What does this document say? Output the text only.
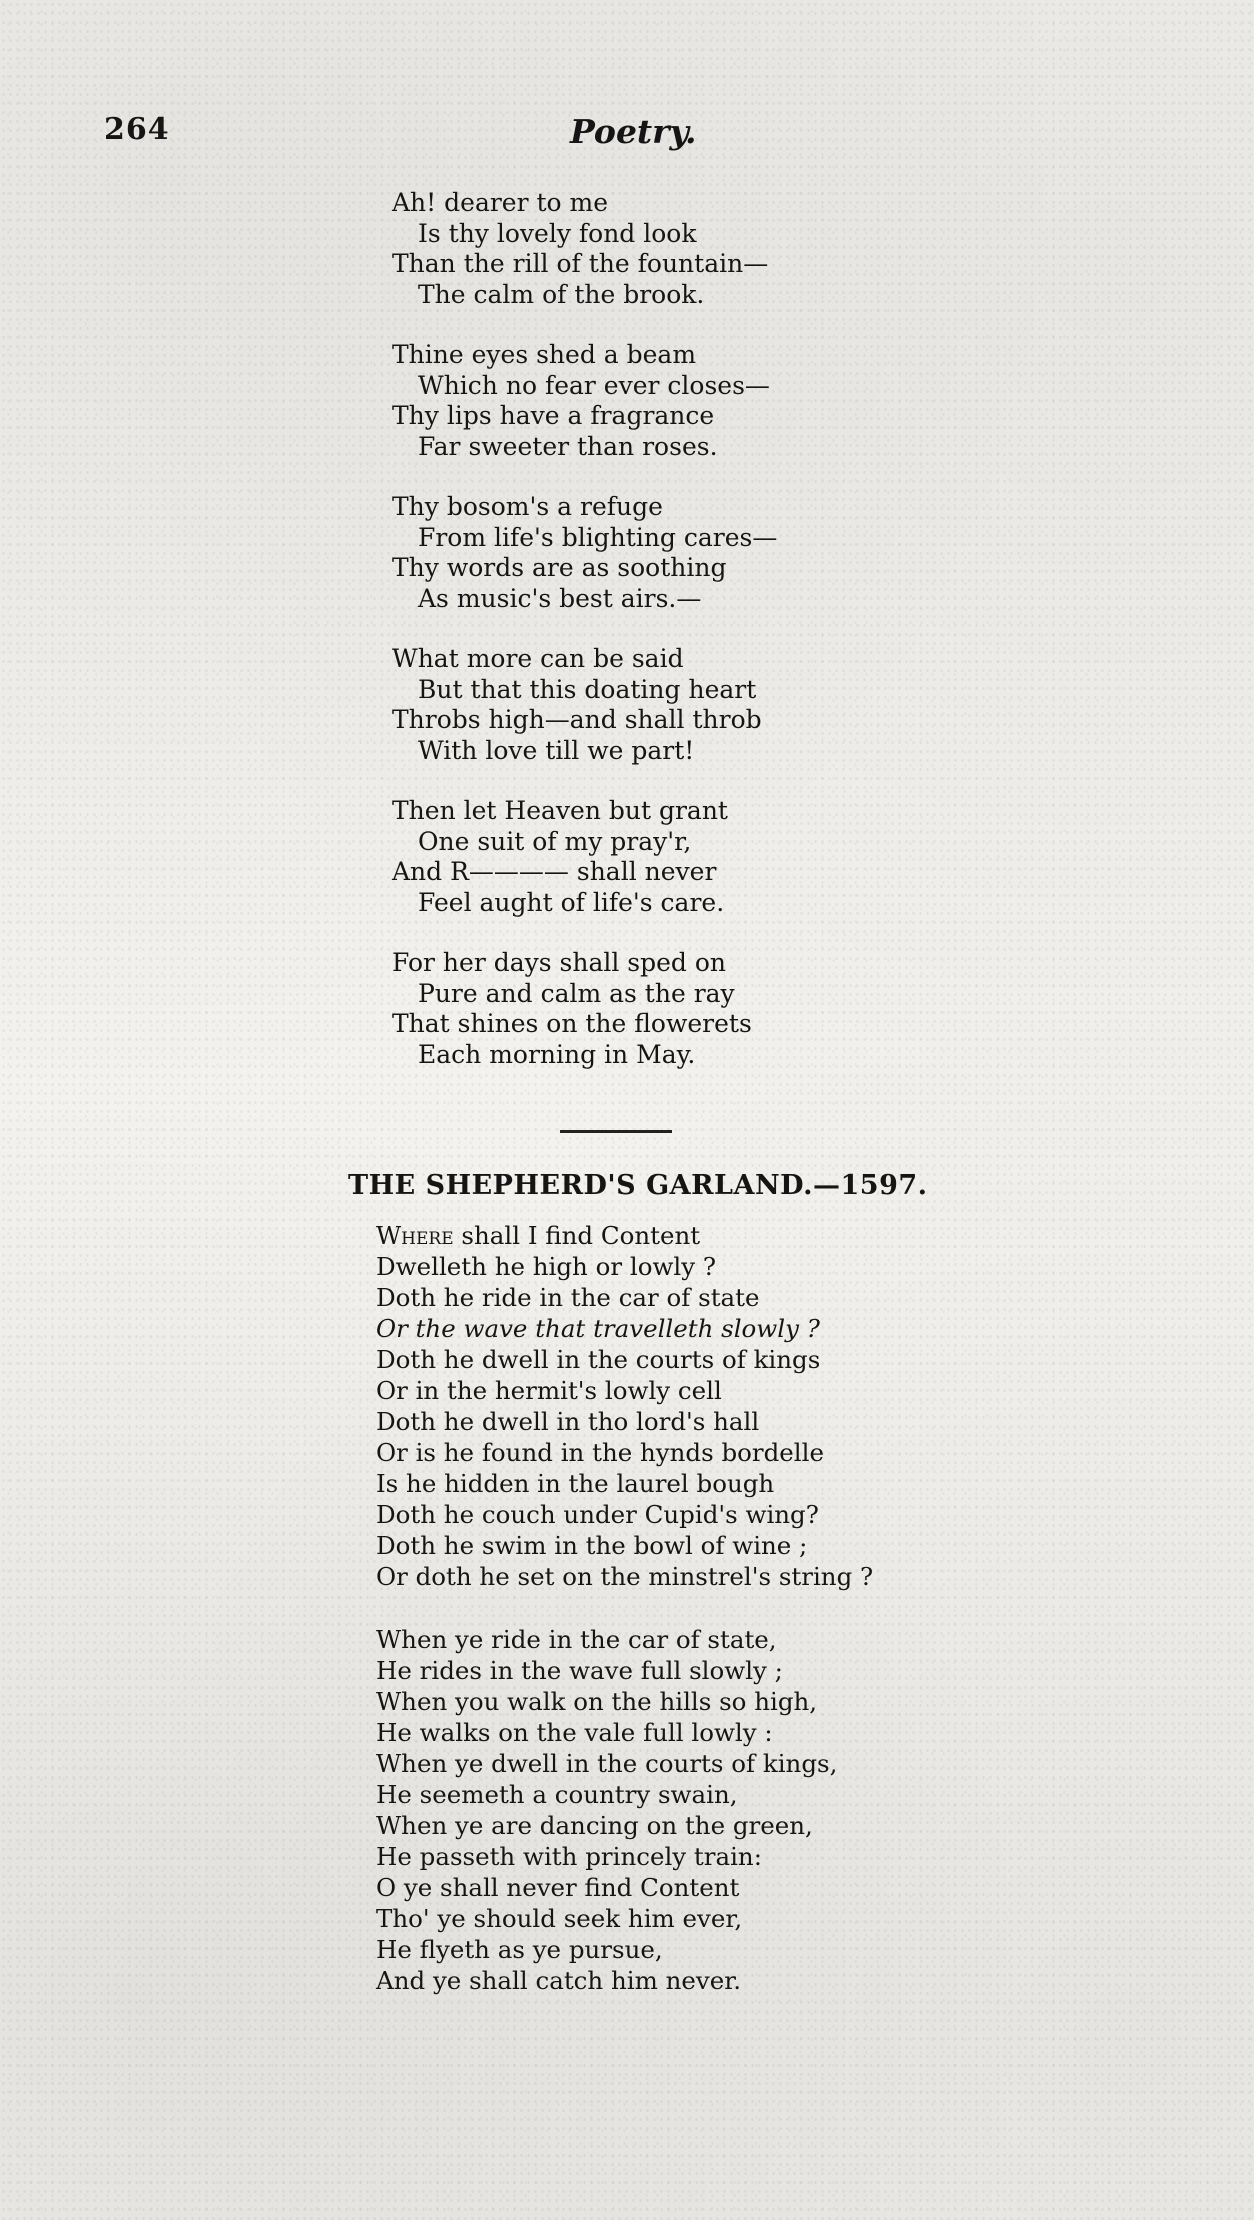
264	Poetry.
Ah! dearer to me
Is thy lovely fond look
Than the rill of the fountain—
The calm of the brook.
Thine eyes shed a beam
Which no fear ever closes—
Thy lips have a fragrance
Far sweeter than roses.
Thy bosom's a refuge
From life's blighting cares—
Thy words are as soothing
As music's best airs.—
What more can be said
But that this doating heart
Throbs high—and shall throb
With love till we part!
Then let Heaven but grant
One suit of my pray'r,
And R———— shall never
Feel aught of life's care.
For her days shall sped on
Pure and calm as the ray
That shines on the flowerets
Each morning in May.
THE SHEPHERD'S GARLAND.—1597.
Where shall I find Content
Dwelleth he high or lowly ?
Doth he ride in the car of state
Or the wave that travelleth slowly ?
Doth he dwell in the courts of kings
Or in the hermit's lowly cell
Doth he dwell in tho lord's hall
Or is he found in the hynds bordelle
Is he hidden in the laurel bough
Doth he couch under Cupid's wing?
Doth he swim in the bowl of wine ;
Or doth he set on the minstrel's string ?
When ye ride in the car of state,
He rides in the wave full slowly ;
When you walk on the hills so high,
He walks on the vale full lowly :
When ye dwell in the courts of kings,
He seemeth a country swain,
When ye are dancing on the green,
He passeth with princely train:
O ye shall never find Content
Tho' ye should seek him ever,
He flyeth as ye pursue,
And ye shall catch him never.
